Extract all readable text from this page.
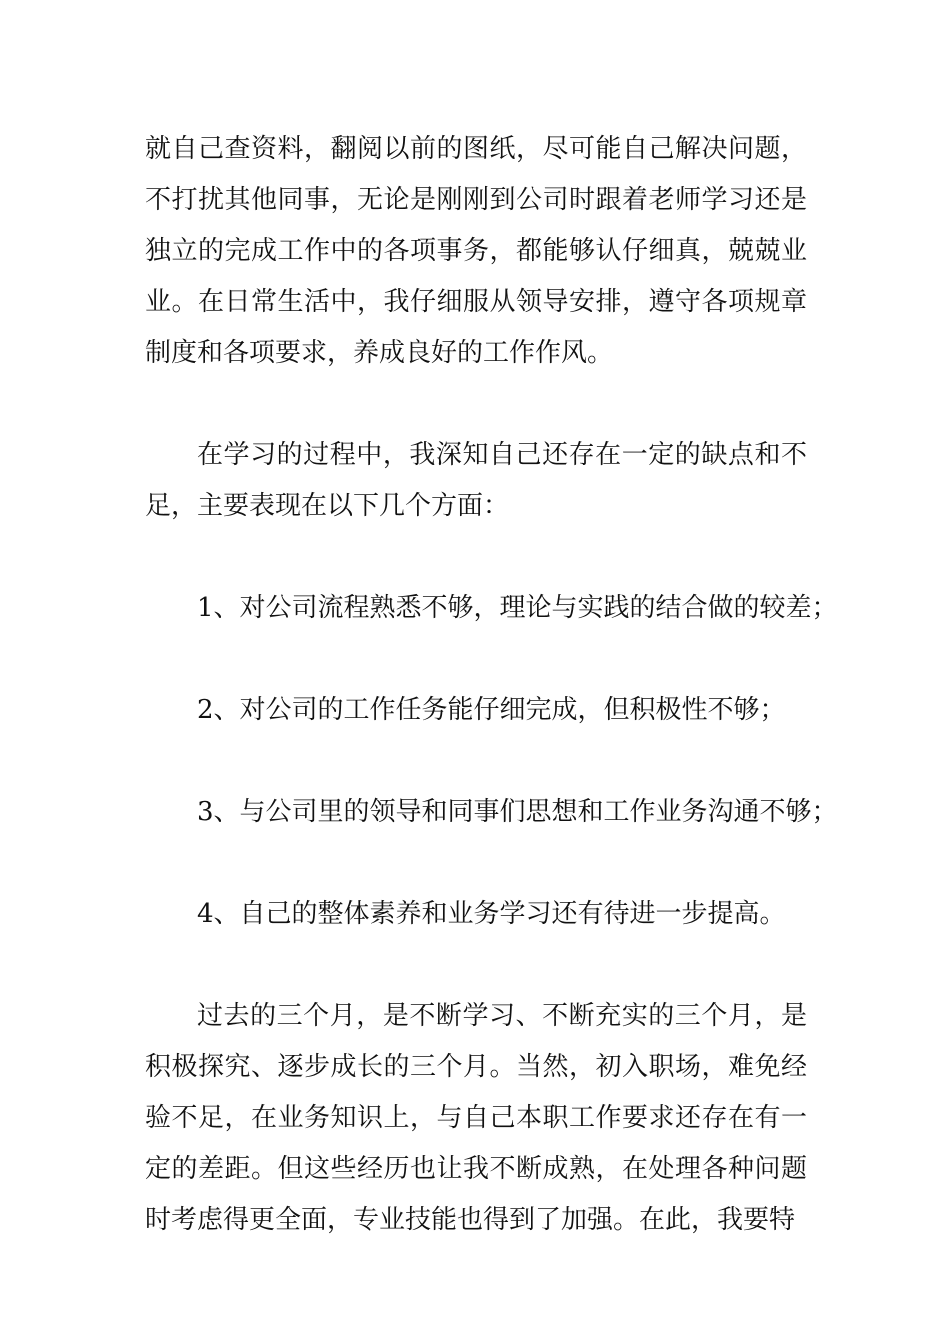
就自己查资料，翻阅以前的图纸，尽可能自己解决问题，不打扰其他同事，无论是刚刚到公司时跟着老师学习还是独立的完成工作中的各项事务，都能够认仔细真，兢兢业业。在日常生活中，我仔细服从领导安排，遵守各项规章制度和各项要求，养成良好的工作作风。

在学习的过程中，我深知自己还存在一定的缺点和不足，主要表现在以下几个方面：

1、对公司流程熟悉不够，理论与实践的结合做的较差；

2、对公司的工作任务能仔细完成，但积极性不够；

3、与公司里的领导和同事们思想和工作业务沟通不够；

4、自己的整体素养和业务学习还有待进一步提高。

过去的三个月，是不断学习、不断充实的三个月，是积极探究、逐步成长的三个月。当然，初入职场，难免经验不足，在业务知识上，与自己本职工作要求还存在有一定的差距。但这些经历也让我不断成熟，在处理各种问题时考虑得更全面，专业技能也得到了加强。在此，我要特
